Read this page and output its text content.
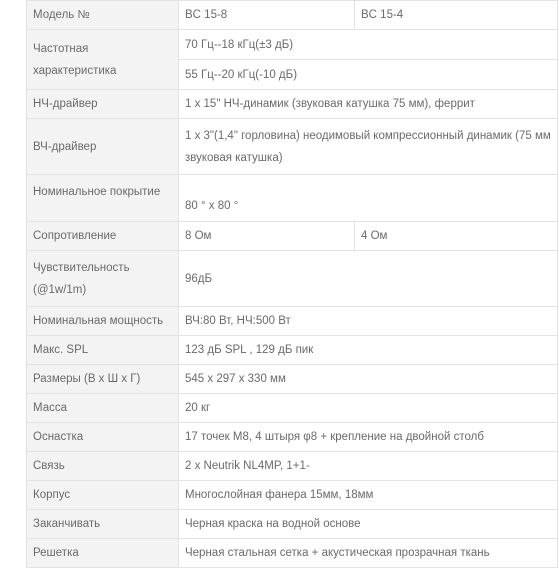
Модель №	BC 15-8	BC 15-4
Частотная характеристика	70 Гц--18 кГц(±3 дБ)	
	55 Гц--20 кГц(-10 дБ)	
НЧ-драйвер	1 x 15" НЧ-динамик (звуковая катушка 75 мм), феррит	
ВЧ-драйвер	1 x 3"(1,4" горловина) неодимовый компрессионный динамик (75 мм
звуковая катушка)	

Номинальное покрытие	80 ° x 80 °	
Сопротивление	8 Ом	4 Ом

Чувствительность
(@1w/1m)	96дБ	
Номинальная мощность	ВЧ:80 Вт, НЧ:500 Вт	
Макс. SPL	123 дБ SPL , 129 дБ пик	
Размеры (В х Ш х Г)	545 x 297 x 330 мм	
Масса	20 кг	
Оснастка	17 точек M8, 4 штыря φ8 + крепление на двойной столб	
Связь	2 x Neutrik NL4MP, 1+1-	
Корпус	Многослойная фанера 15мм, 18мм	
Заканчивать	Черная краска на водной основе	
Решетка	Черная стальная сетка + акустическая прозрачная ткань	
